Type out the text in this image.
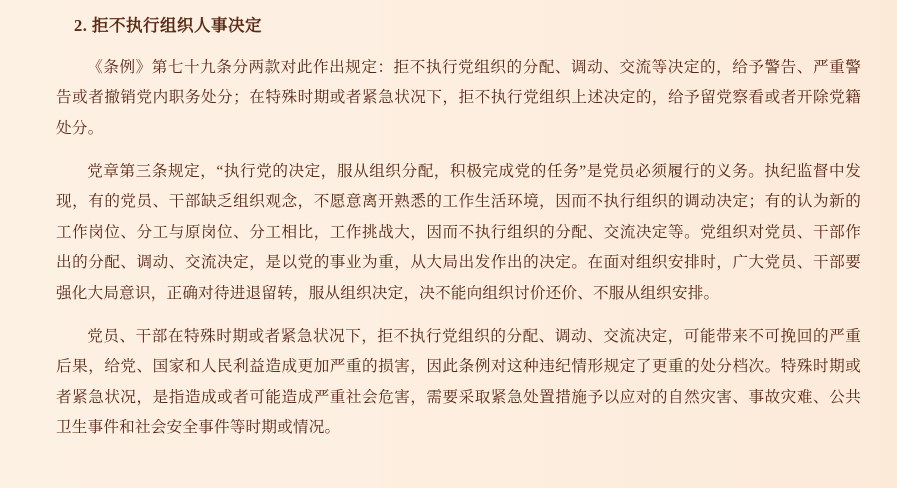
2. 拒不执行组织人事决定

《条例》第七十九条分两款对此作出规定：拒不执行党组织的分配、调动、交流等决定的，给予警告、严重警告或者撤销党内职务处分；在特殊时期或者紧急状况下，拒不执行党组织上述决定的，给予留党察看或者开除党籍处分。

党章第三条规定，“执行党的决定，服从组织分配，积极完成党的任务”是党员必须履行的义务。执纪监督中发现，有的党员、干部缺乏组织观念，不愿意离开熟悉的工作生活环境，因而不执行组织的调动决定；有的认为新的工作岗位、分工与原岗位、分工相比，工作挑战大，因而不执行组织的分配、交流决定等。党组织对党员、干部作出的分配、调动、交流决定，是以党的事业为重，从大局出发作出的决定。在面对组织安排时，广大党员、干部要强化大局意识，正确对待进退留转，服从组织决定，决不能向组织讨价还价、不服从组织安排。

党员、干部在特殊时期或者紧急状况下，拒不执行党组织的分配、调动、交流决定，可能带来不可挽回的严重后果，给党、国家和人民利益造成更加严重的损害，因此条例对这种违纪情形规定了更重的处分档次。特殊时期或者紧急状况，是指造成或者可能造成严重社会危害，需要采取紧急处置措施予以应对的自然灾害、事故灾难、公共卫生事件和社会安全事件等时期或情况。
